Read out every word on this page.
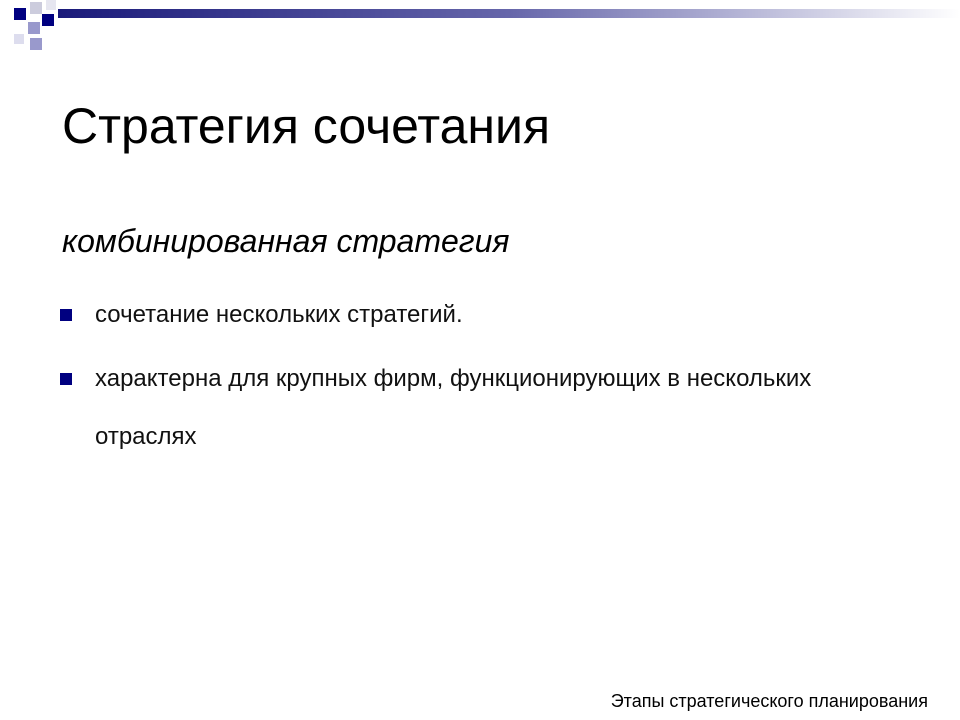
Стратегия сочетания

комбинированная стратегия

сочетание нескольких стратегий.
характерна для крупных фирм, функционирующих в нескольких отраслях
Этапы стратегического планирования
